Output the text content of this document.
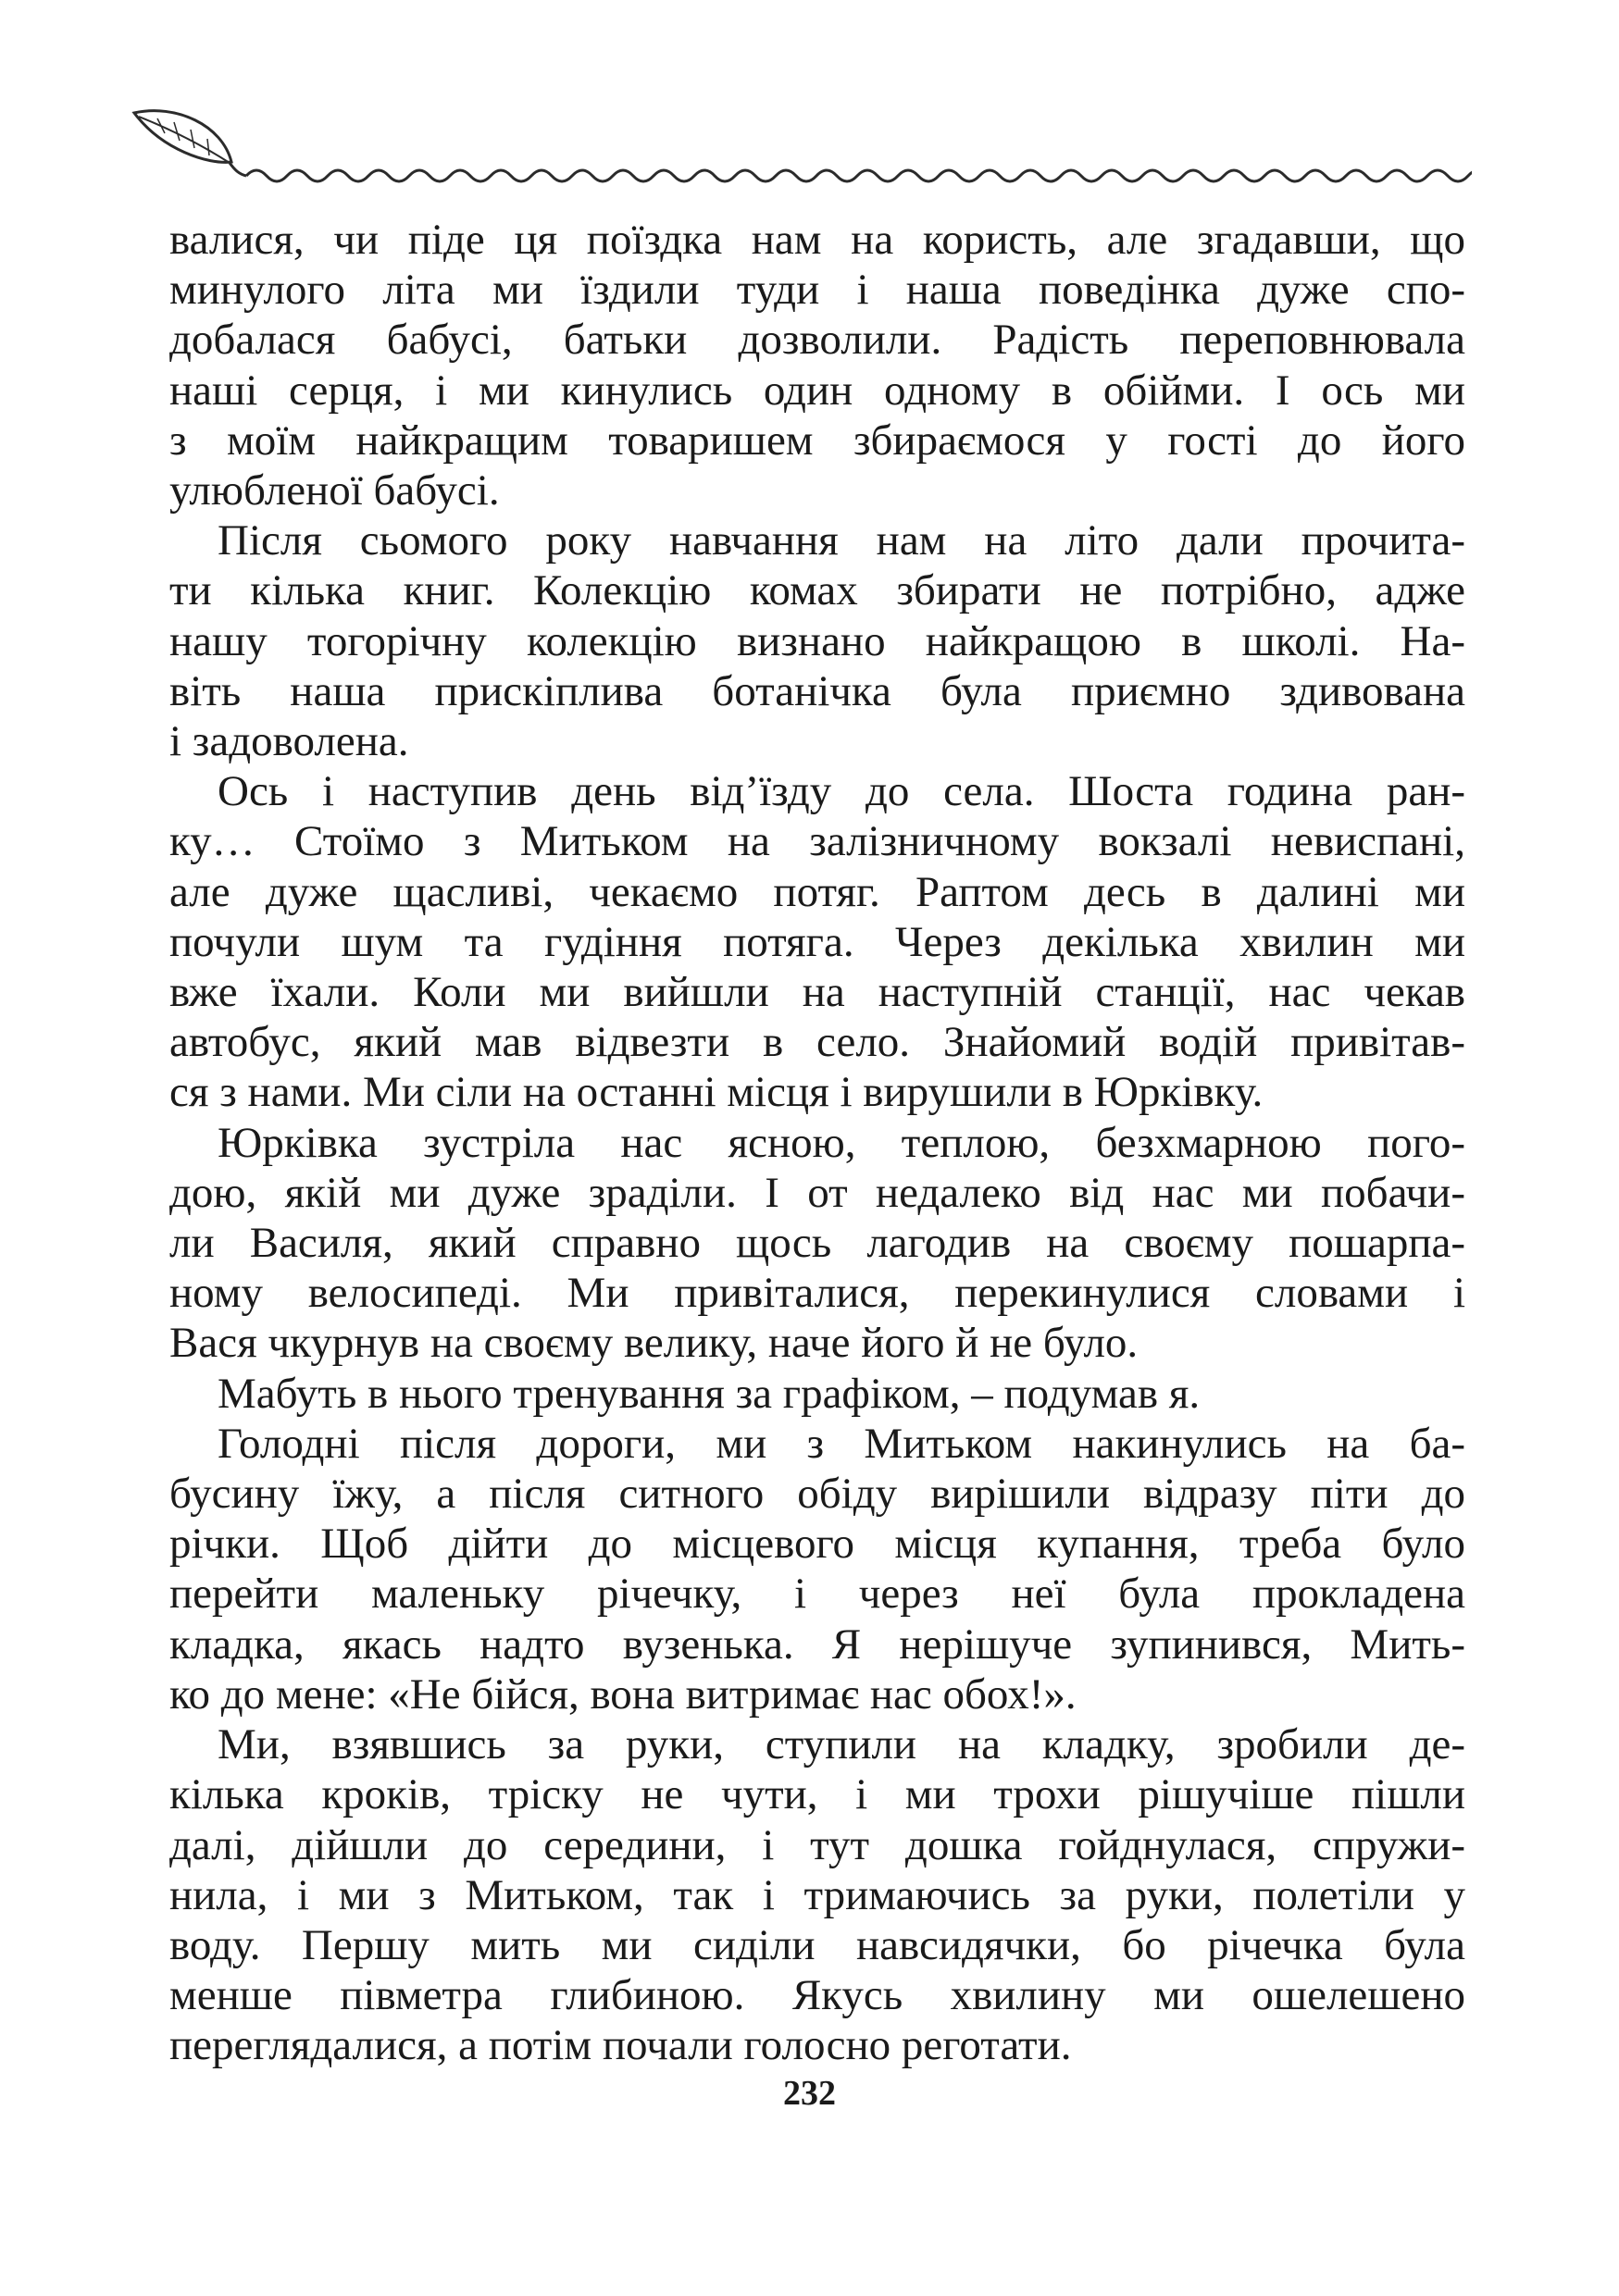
валися, чи піде ця поїздка нам на користь, але згадавши, що
минулого літа ми їздили туди і наша поведінка дуже спо-
добалася бабусі, батьки дозволили. Радість переповнювала
наші серця, і ми кинулись один одному в обійми. І ось ми
з моїм найкращим товаришем збираємося у гості до його
улюбленої бабусі.
Після сьомого року навчання нам на літо дали прочита-
ти кілька книг. Колекцію комах збирати не потрібно, адже
нашу тогорічну колекцію визнано найкращою в школі. На-
віть наша прискіплива ботанічка була приємно здивована
і задоволена.
Ось і наступив день від’їзду до села. Шоста година ран-
ку… Стоїмо з Митьком на залізничному вокзалі невиспані,
але дуже щасливі, чекаємо потяг. Раптом десь в далині ми
почули шум та гудіння потяга. Через декілька хвилин ми
вже їхали. Коли ми вийшли на наступній станції, нас чекав
автобус, який мав відвезти в село. Знайомий водій привітав-
ся з нами. Ми сіли на останні місця і вирушили в Юрківку.
Юрківка зустріла нас ясною, теплою, безхмарною пого-
дою, якій ми дуже зраділи. І от недалеко від нас ми побачи-
ли Василя, який справно щось лагодив на своєму пошарпа-
ному велосипеді. Ми привіталися, перекинулися словами і
Вася чкурнув на своєму велику, наче його й не було.
Мабуть в нього тренування за графіком, – подумав я.
Голодні після дороги, ми з Митьком накинулись на ба-
бусину їжу, а після ситного обіду вирішили відразу піти до
річки. Щоб дійти до місцевого місця купання, треба було
перейти маленьку річечку, і через неї була прокладена
кладка, якась надто вузенька. Я нерішуче зупинився, Мить-
ко до мене: «Не бійся, вона витримає нас обох!».
Ми, взявшись за руки, ступили на кладку, зробили де-
кілька кроків, тріску не чути, і ми трохи рішучіше пішли
далі, дійшли до середини, і тут дошка гойднулася, спружи-
нила, і ми з Митьком, так і тримаючись за руки, полетіли у
воду. Першу мить ми сиділи навсидячки, бо річечка була
менше півметра глибиною. Якусь хвилину ми ошелешено
переглядалися, а потім почали голосно реготати.
232
